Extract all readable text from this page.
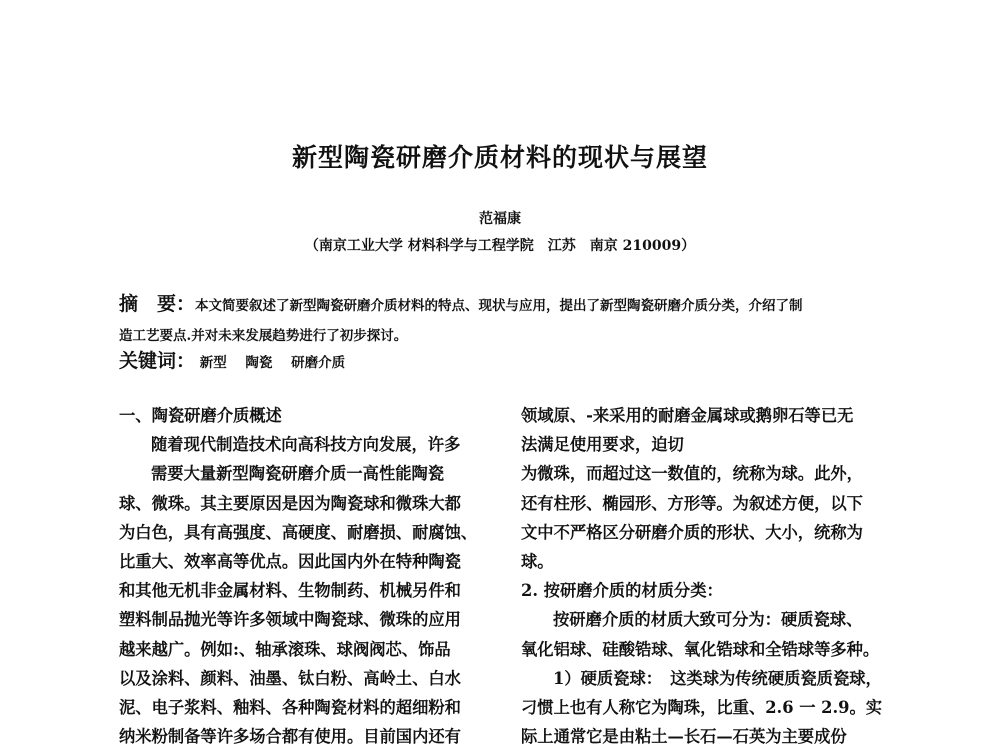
新型陶瓷研磨介质材料的现状与展望
范福康
（南京工业大学 材料科学与工程学院　江苏　南京 210009）
摘　要：本文简要叙述了新型陶瓷研磨介质材料的特点、现状与应用，提出了新型陶瓷研磨介质分类，介绍了制
造工艺要点.并对未来发展趋势进行了初步探讨。
关键词： 新型 陶瓷 研磨介质
一、陶瓷研磨介质概述
随着现代制造技术向高科技方向发展，许多
需要大量新型陶瓷研磨介质一高性能陶瓷
球、微珠。其主要原因是因为陶瓷球和微珠大都
为白色，具有高强度、高硬度、耐磨损、耐腐蚀、
比重大、效率高等优点。因此国内外在特种陶瓷
和其他无机非金属材料、生物制药、机械另件和
塑料制品抛光等许多领域中陶瓷球、微珠的应用
越来越广。例如:、轴承滚珠、球阀阀芯、饰品
以及涂料、颜料、油墨、钛白粉、高岭土、白水
泥、电子浆料、釉料、各种陶瓷材料的超细粉和
纳米粉制备等许多场合都有使用。目前国内还有
领域原、-来采用的耐磨金属球或鹅卵石等已无
法满足使用要求，迫切
为微珠，而超过这一数值的，统称为球。此外，
还有柱形、椭园形、方形等。为叙述方便，以下
文中不严格区分研磨介质的形状、大小，统称为
球。
2. 按研磨介质的材质分类：
按研磨介质的材质大致可分为：硬质瓷球、
氧化铝球、硅酸锆球、氧化锆球和全锆球等多种。
1）硬质瓷球：　这类球为传统硬质瓷质瓷球，
刁惯上也有人称它为陶珠，比重、2.6 一 2.9。实
际上通常它是由粘土—长石—石英为主要成份
